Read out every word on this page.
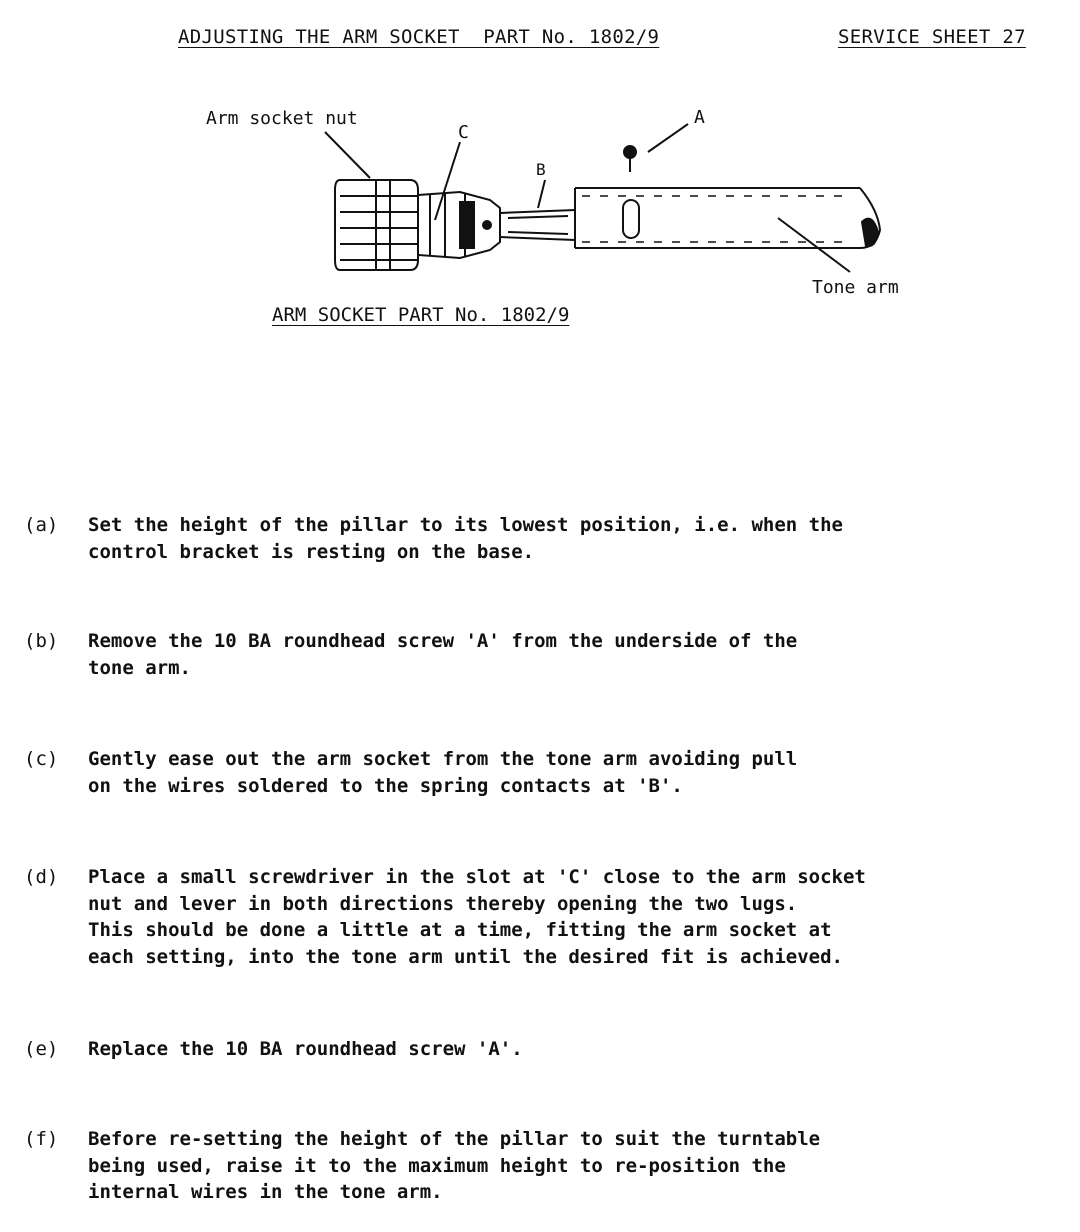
ADJUSTING THE ARM SOCKET  PART No. 1802/9	SERVICE SHEET 27
Arm socket nut
C
B
A
Tone arm
ARM SOCKET PART No. 1802/9
(a) Set the height of the pillar to its lowest position, i.e. when the
control bracket is resting on the base.
(b) Remove the 10 BA roundhead screw 'A' from the underside of the
tone arm.
(c) Gently ease out the arm socket from the tone arm avoiding pull
on the wires soldered to the spring contacts at 'B'.
(d) Place a small screwdriver in the slot at 'C' close to the arm socket
nut and lever in both directions thereby opening the two lugs.
This should be done a little at a time, fitting the arm socket at
each setting, into the tone arm until the desired fit is achieved.
(e) Replace the 10 BA roundhead screw 'A'.
(f) Before re-setting the height of the pillar to suit the turntable
being used, raise it to the maximum height to re-position the
internal wires in the tone arm.
